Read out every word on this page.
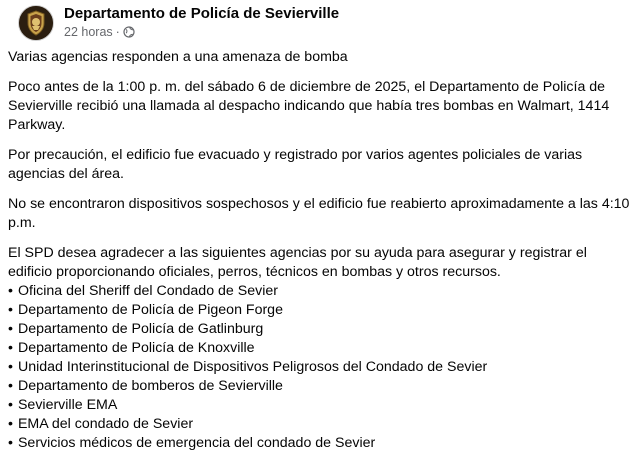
Departamento de Policía de Sevierville
22 horas ·

Varias agencias responden a una amenaza de bomba

Poco antes de la 1:00 p. m. del sábado 6 de diciembre de 2025, el Departamento de Policía de Sevierville recibió una llamada al despacho indicando que había tres bombas en Walmart, 1414 Parkway.

Por precaución, el edificio fue evacuado y registrado por varios agentes policiales de varias agencias del área.

No se encontraron dispositivos sospechosos y el edificio fue reabierto aproximadamente a las 4:10 p.m.

El SPD desea agradecer a las siguientes agencias por su ayuda para asegurar y registrar el edificio proporcionando oficiales, perros, técnicos en bombas y otros recursos.

• Oficina del Sheriff del Condado de Sevier
• Departamento de Policía de Pigeon Forge
• Departamento de Policía de Gatlinburg
• Departamento de Policía de Knoxville
• Unidad Interinstitucional de Dispositivos Peligrosos del Condado de Sevier
• Departamento de bomberos de Sevierville
• Sevierville EMA
• EMA del condado de Sevier
• Servicios médicos de emergencia del condado de Sevier
